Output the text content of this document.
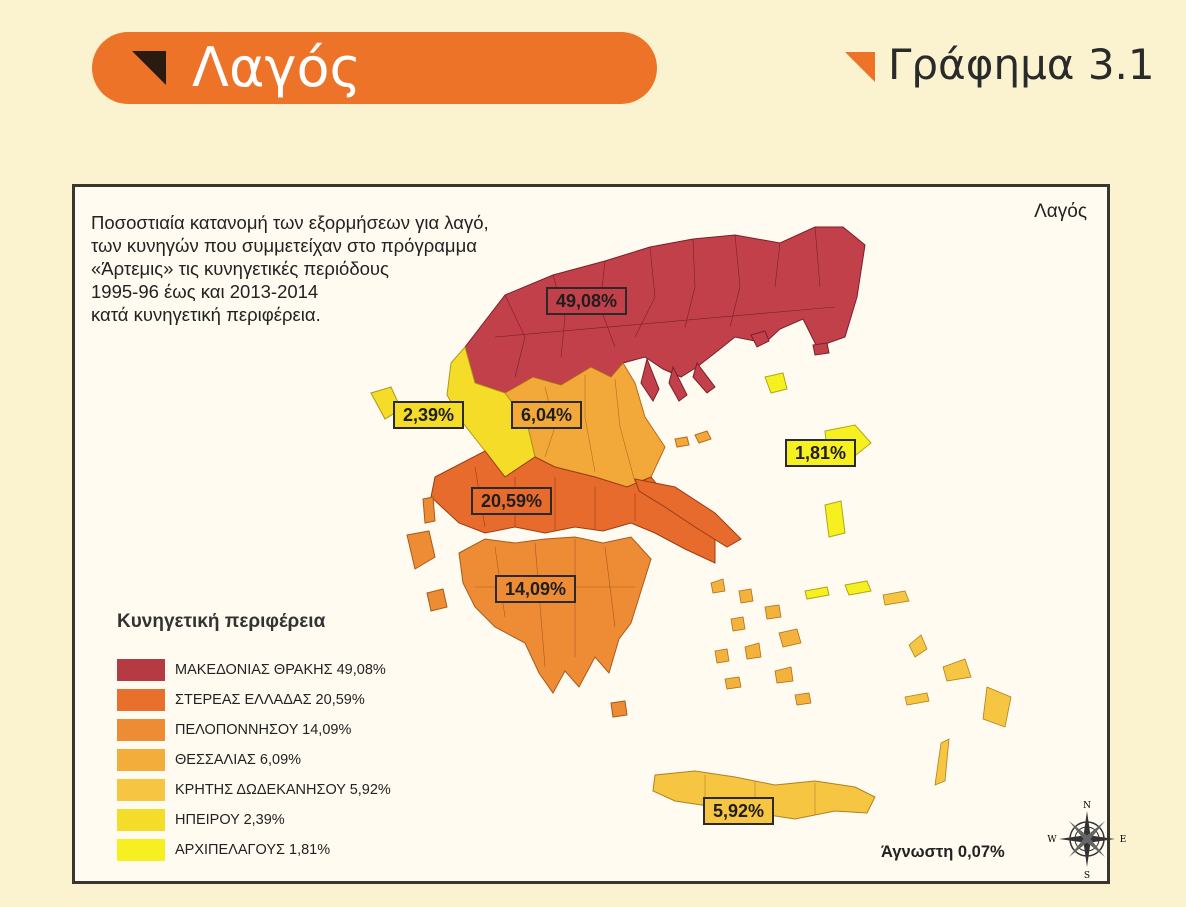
Λαγός	Γράφημα 3.1
Ποσοστιαία κατανομή των εξορμήσεων για λαγό,
των κυνηγών που συμμετείχαν στο πρόγραμμα
«Άρτεμις» τις κυνηγετικές περιόδους
1995-96 έως και 2013-2014
κατά κυνηγετική περιφέρεια.
Λαγός
49,08%
2,39%	6,04%
1,81%
20,59%
14,09%
5,92%
Κυνηγετική περιφέρεια
ΜΑΚΕΔΟΝΙΑΣ ΘΡΑΚΗΣ 49,08%
ΣΤΕΡΕΑΣ ΕΛΛΑΔΑΣ 20,59%
ΠΕΛΟΠΟΝΝΗΣΟΥ 14,09%
ΘΕΣΣΑΛΙΑΣ 6,09%
ΚΡΗΤΗΣ ΔΩΔΕΚΑΝΗΣΟΥ 5,92%
ΗΠΕΙΡΟΥ 2,39%
ΑΡΧΙΠΕΛΑΓΟΥΣ 1,81%	Άγνωστη 0,07%
N
S
E
W
